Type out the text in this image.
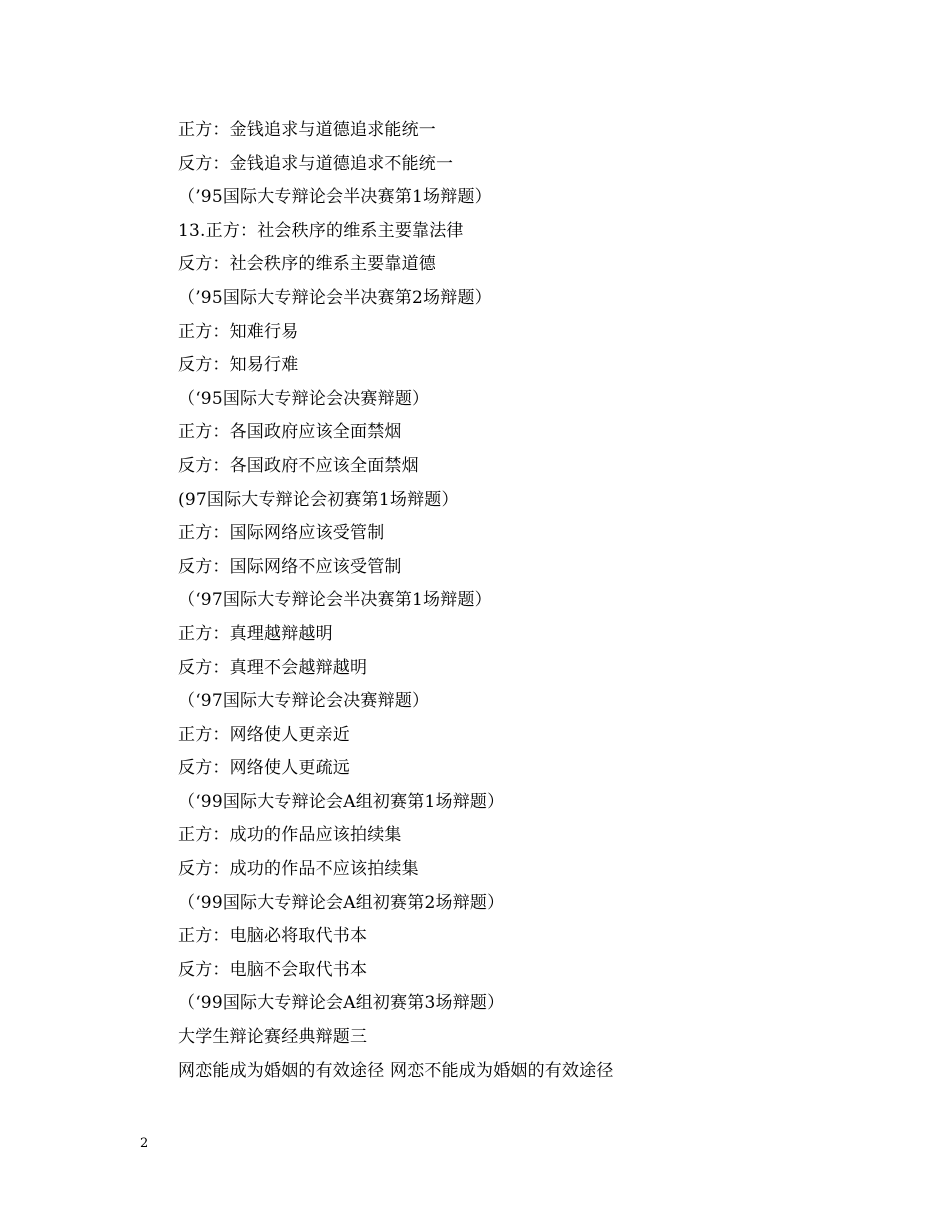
正方：金钱追求与道德追求能统一
反方：金钱追求与道德追求不能统一
（’95国际大专辩论会半决赛第1场辩题）
13.正方：社会秩序的维系主要靠法律
反方：社会秩序的维系主要靠道德
（’95国际大专辩论会半决赛第2场辩题）
正方：知难行易
反方：知易行难
（‘95国际大专辩论会决赛辩题）
正方：各国政府应该全面禁烟
反方：各国政府不应该全面禁烟
(97国际大专辩论会初赛第1场辩题）
正方：国际网络应该受管制
反方：国际网络不应该受管制
（‘97国际大专辩论会半决赛第1场辩题）
正方：真理越辩越明
反方：真理不会越辩越明
（‘97国际大专辩论会决赛辩题）
正方：网络使人更亲近
反方：网络使人更疏远
（‘99国际大专辩论会A组初赛第1场辩题）
正方：成功的作品应该拍续集
反方：成功的作品不应该拍续集
（‘99国际大专辩论会A组初赛第2场辩题）
正方：电脑必将取代书本
反方：电脑不会取代书本
（‘99国际大专辩论会A组初赛第3场辩题）
大学生辩论赛经典辩题三
网恋能成为婚姻的有效途径 网恋不能成为婚姻的有效途径
2
